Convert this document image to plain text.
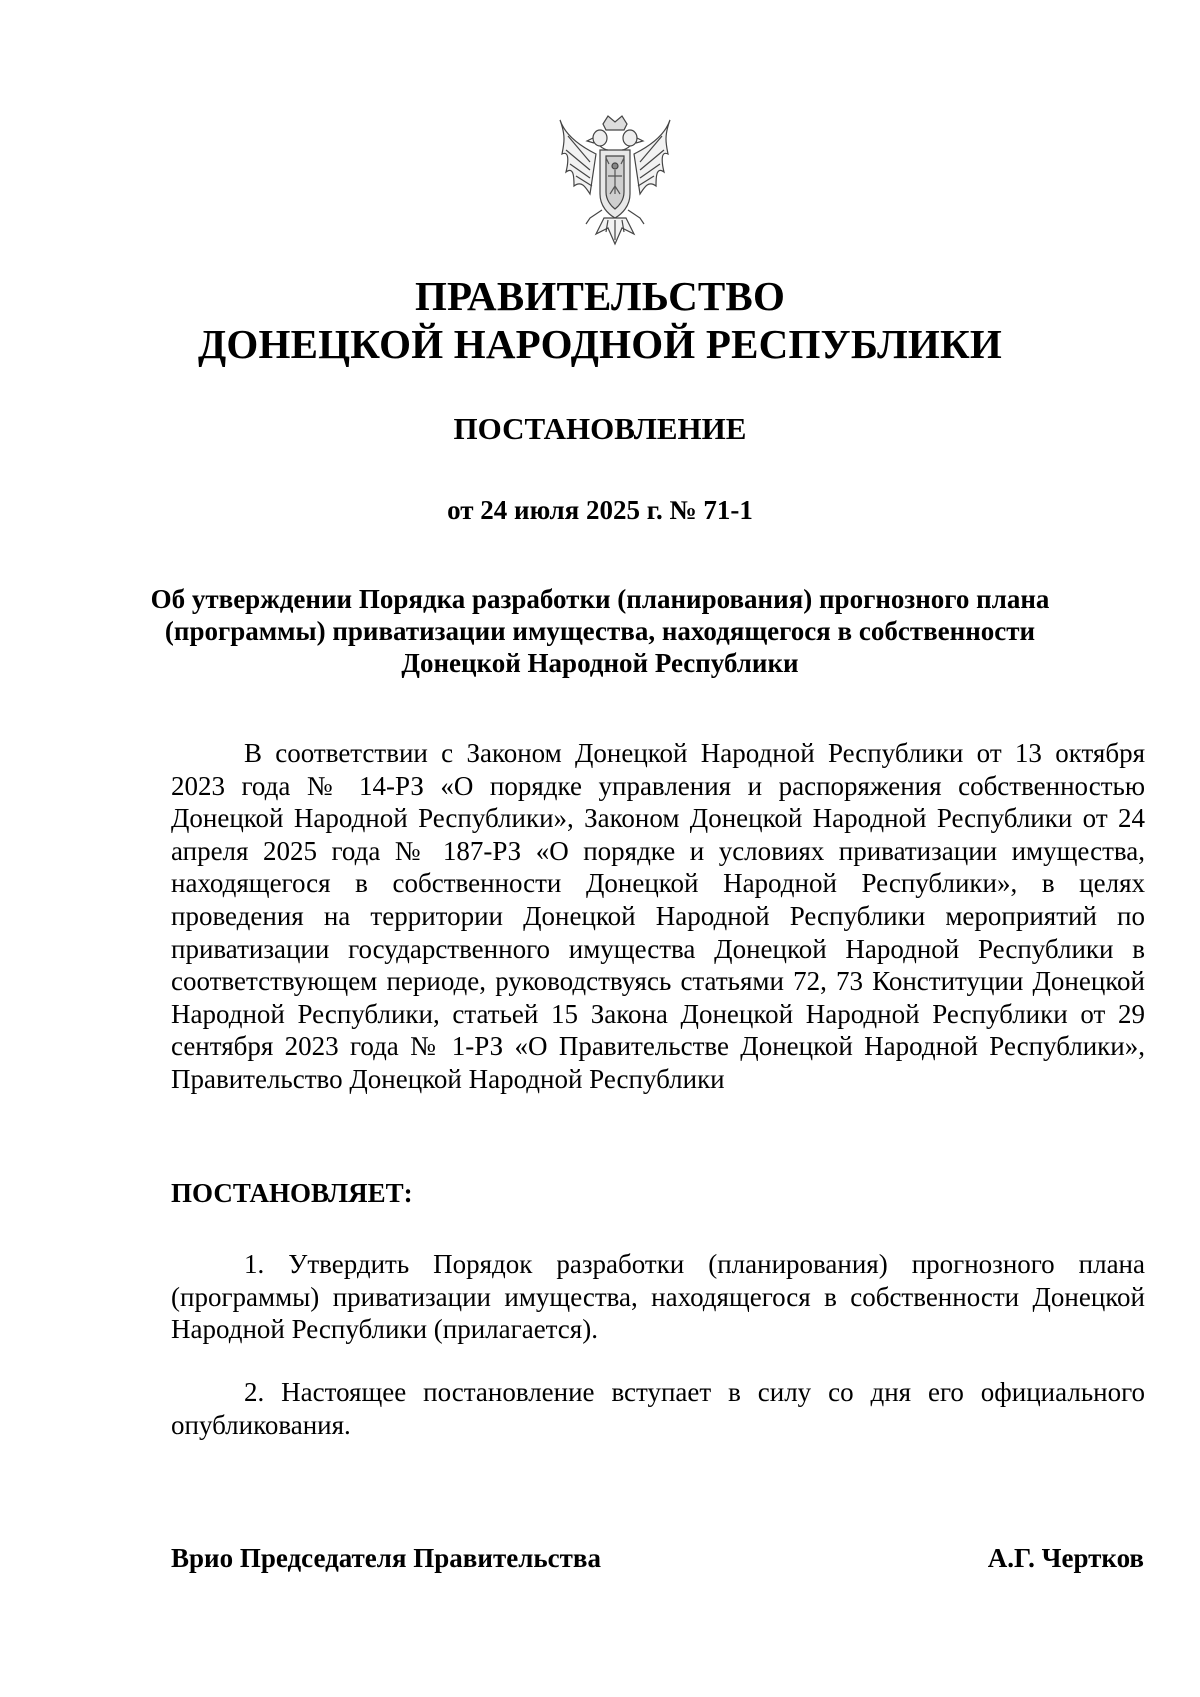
ПРАВИТЕЛЬСТВО
ДОНЕЦКОЙ НАРОДНОЙ РЕСПУБЛИКИ
ПОСТАНОВЛЕНИЕ
от 24 июля 2025 г. № 71-1
Об утверждении Порядка разработки (планирования) прогнозного плана (программы) приватизации имущества, находящегося в собственности Донецкой Народной Республики
В соответствии с Законом Донецкой Народной Республики от 13 октября 2023 года № 14-РЗ «О порядке управления и распоряжения собственностью Донецкой Народной Республики», Законом Донецкой Народной Республики от 24 апреля 2025 года № 187-РЗ «О порядке и условиях приватизации имущества, находящегося в собственности Донецкой Народной Республики», в целях проведения на территории Донецкой Народной Республики мероприятий по приватизации государственного имущества Донецкой Народной Республики в соответствующем периоде, руководствуясь статьями 72, 73 Конституции Донецкой Народной Республики, статьей 15 Закона Донецкой Народной Республики от 29 сентября 2023 года № 1-РЗ «О Правительстве Донецкой Народной Республики», Правительство Донецкой Народной Республики
ПОСТАНОВЛЯЕТ:
1. Утвердить Порядок разработки (планирования) прогнозного плана (программы) приватизации имущества, находящегося в собственности Донецкой Народной Республики (прилагается).
2. Настоящее постановление вступает в силу со дня его официального опубликования.
Врио Председателя Правительства	А.Г. Чертков
